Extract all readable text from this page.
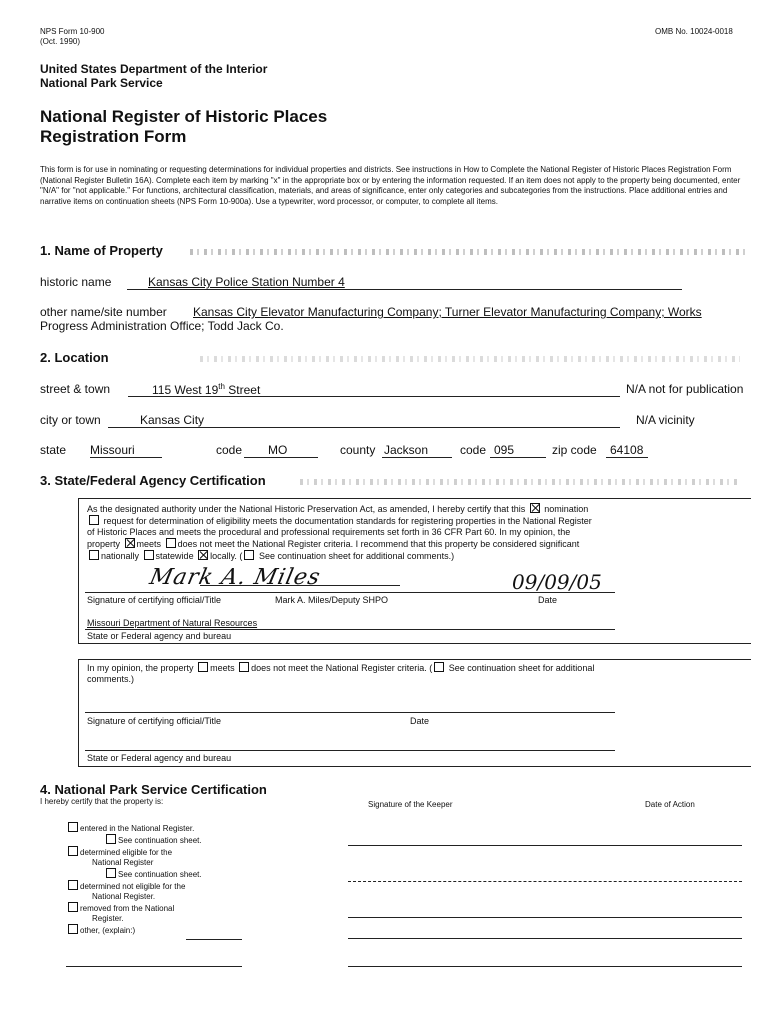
NPS Form 10-900
(Oct. 1990)
OMB No. 10024-0018
United States Department of the Interior
National Park Service
National Register of Historic Places
Registration Form
This form is for use in nominating or requesting determinations for individual properties and districts. See instructions in How to Complete the National Register of Historic Places Registration Form (National Register Bulletin 16A). Complete each item by marking "x" in the appropriate box or by entering the information requested. If an item does not apply to the property being documented, enter "N/A" for "not applicable." For functions, architectural classification, materials, and areas of significance, enter only categories and subcategories from the instructions. Place additional entries and narrative items on continuation sheets (NPS Form 10-900a). Use a typewriter, word processor, or computer, to complete all items.
1. Name of Property
historic name	Kansas City Police Station Number 4
other name/site number Kansas City Elevator Manufacturing Company; Turner Elevator Manufacturing Company; Works
Progress Administration Office; Todd Jack Co.
2. Location
street & town	115 West 19th Street	N/A not for publication
city or town	Kansas City	N/A vicinity
state Missouri	code MO	county Jackson	code 095	zip code 64108
3. State/Federal Agency Certification
As the designated authority under the National Historic Preservation Act, as amended, I hereby certify that this nomination
request for determination of eligibility meets the documentation standards for registering properties in the National Register
of Historic Places and meets the procedural and professional requirements set forth in 36 CFR Part 60. In my opinion, the
property meets does not meet the National Register criteria. I recommend that this property be considered significant
nationally statewide locally. ( See continuation sheet for additional comments.)
Mark A. Miles	09/09/05
Signature of certifying official/Title	Mark A. Miles/Deputy SHPO	Date
Missouri Department of Natural Resources
State or Federal agency and bureau
In my opinion, the property meets does not meet the National Register criteria. ( See continuation sheet for additional
comments.)
Signature of certifying official/Title	Date
State or Federal agency and bureau
4. National Park Service Certification
I hereby certify that the property is:	Signature of the Keeper	Date of Action
entered in the National Register.
See continuation sheet.
determined eligible for the
National Register
See continuation sheet.
determined not eligible for the
National Register.
removed from the National
Register.
other, (explain:)
